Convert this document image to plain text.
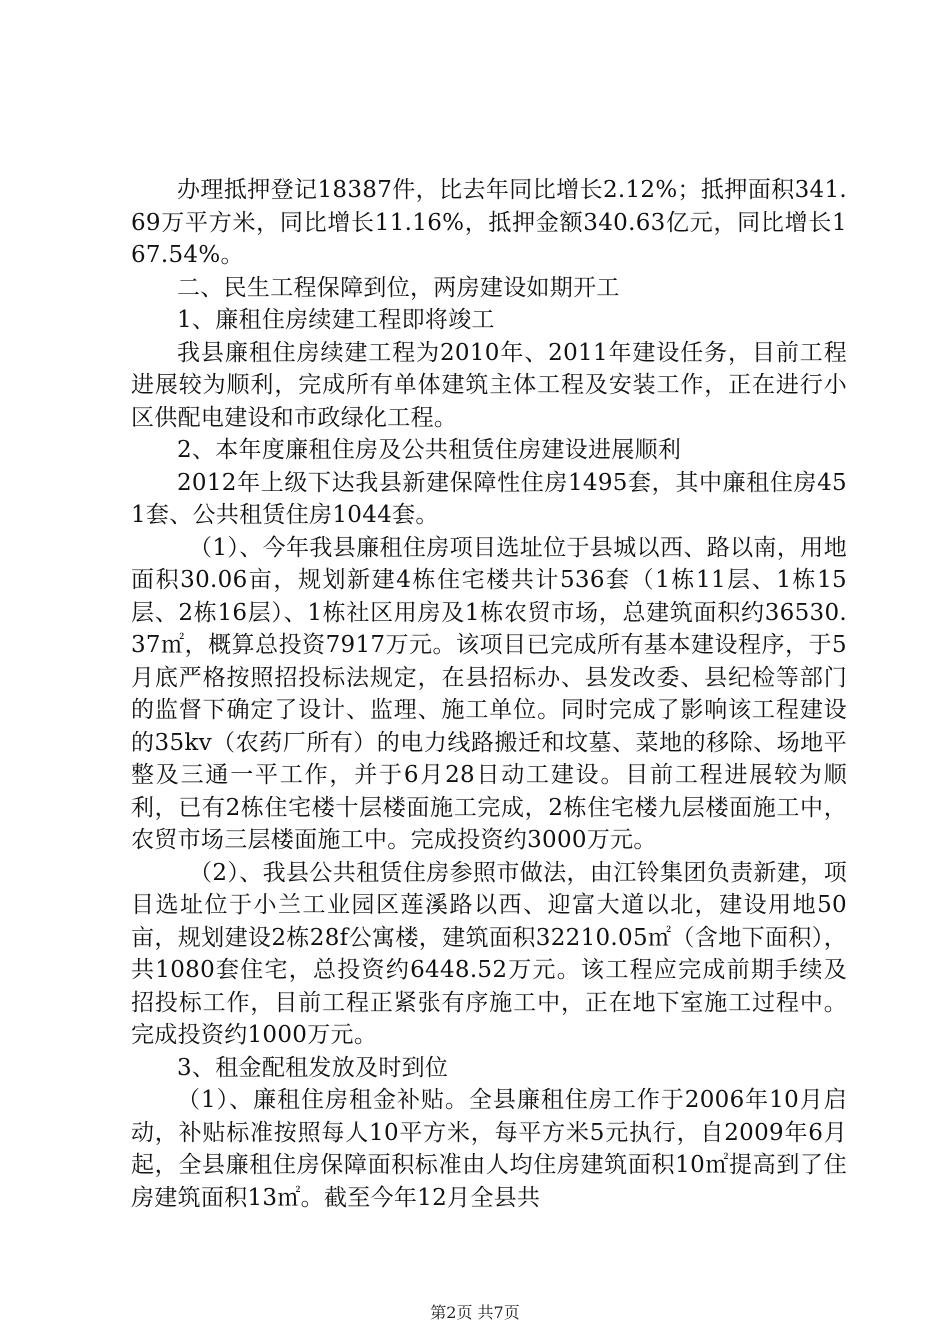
办理抵押登记18387件，比去年同比增长2.12%；抵押面积341.69万平方米，同比增长11.16%，抵押金额340.63亿元，同比增长167.54%。

二、民生工程保障到位，两房建设如期开工

1、廉租住房续建工程即将竣工

我县廉租住房续建工程为2010年、2011年建设任务，目前工程进展较为顺利，完成所有单体建筑主体工程及安装工作，正在进行小区供配电建设和市政绿化工程。

2、本年度廉租住房及公共租赁住房建设进展顺利

2012年上级下达我县新建保障性住房1495套，其中廉租住房451套、公共租赁住房1044套。

（1）、今年我县廉租住房项目选址位于县城以西、路以南，用地面积30.06亩，规划新建4栋住宅楼共计536套（1栋11层、1栋15层、2栋16层）、1栋社区用房及1栋农贸市场，总建筑面积约36530.37㎡，概算总投资7917万元。该项目已完成所有基本建设程序，于5月底严格按照招投标法规定，在县招标办、县发改委、县纪检等部门的监督下确定了设计、监理、施工单位。同时完成了影响该工程建设的35kv（农药厂所有）的电力线路搬迁和坟墓、菜地的移除、场地平整及三通一平工作，并于6月28日动工建设。目前工程进展较为顺利，已有2栋住宅楼十层楼面施工完成，2栋住宅楼九层楼面施工中，农贸市场三层楼面施工中。完成投资约3000万元。

（2）、我县公共租赁住房参照市做法，由江铃集团负责新建，项目选址位于小兰工业园区莲溪路以西、迎富大道以北，建设用地50亩，规划建设2栋28f公寓楼，建筑面积32210.05㎡（含地下面积），共1080套住宅，总投资约6448.52万元。该工程应完成前期手续及招投标工作，目前工程正紧张有序施工中，正在地下室施工过程中。完成投资约1000万元。

3、租金配租发放及时到位

（1）、廉租住房租金补贴。全县廉租住房工作于2006年10月启动，补贴标准按照每人10平方米，每平方米5元执行，自2009年6月起，全县廉租住房保障面积标准由人均住房建筑面积10㎡提高到了住房建筑面积13㎡。截至今年12月全县共

第2页 共7页
